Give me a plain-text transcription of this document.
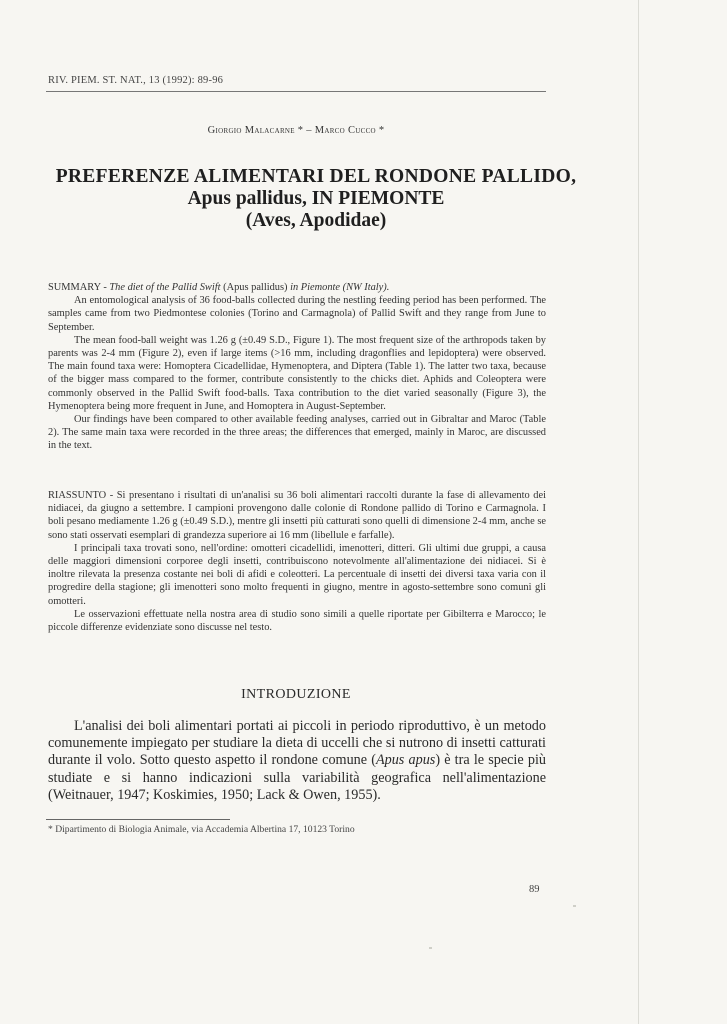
RIV. PIEM. ST. NAT., 13 (1992): 89-96
Giorgio Malacarne * – Marco Cucco *
PREFERENZE ALIMENTARI DEL RONDONE PALLIDO,
Apus pallidus, IN PIEMONTE
(Aves, Apodidae)

SUMMARY - The diet of the Pallid Swift (Apus pallidus) in Piemonte (NW Italy).

An entomological analysis of 36 food-balls collected during the nestling feeding period has been performed. The samples came from two Piedmontese colonies (Torino and Carmagnola) of Pallid Swift and they range from June to September.

The mean food-ball weight was 1.26 g (±0.49 S.D., Figure 1). The most frequent size of the arthropods taken by parents was 2-4 mm (Figure 2), even if large items (>16 mm, including dragonflies and lepidoptera) were observed. The main found taxa were: Homoptera Cicadellidae, Hymenoptera, and Diptera (Table 1). The latter two taxa, because of the bigger mass compared to the former, contribute consistently to the chicks diet. Aphids and Coleoptera were commonly observed in the Pallid Swift food-balls. Taxa contribution to the diet varied seasonally (Figure 3), the Hymenoptera being more frequent in June, and Homoptera in August-September.

Our findings have been compared to other available feeding analyses, carried out in Gibraltar and Maroc (Table 2). The same main taxa were recorded in the three areas; the differences that emerged, mainly in Maroc, are discussed in the text.

RIASSUNTO - Si presentano i risultati di un'analisi su 36 boli alimentari raccolti durante la fase di allevamento dei nidiacei, da giugno a settembre. I campioni provengono dalle colonie di Rondone pallido di Torino e Carmagnola. I boli pesano mediamente 1.26 g (±0.49 S.D.), mentre gli insetti più catturati sono quelli di dimensione 2-4 mm, anche se sono stati osservati esemplari di grandezza superiore ai 16 mm (libellule e farfalle).

I principali taxa trovati sono, nell'ordine: omotteri cicadellidi, imenotteri, ditteri. Gli ultimi due gruppi, a causa delle maggiori dimensioni corporee degli insetti, contribuiscono notevolmente all'alimentazione dei nidiacei. Si è inoltre rilevata la presenza costante nei boli di afidi e coleotteri. La percentuale di insetti dei diversi taxa varia con il progredire della stagione; gli imenotteri sono molto frequenti in giugno, mentre in agosto-settembre sono comuni gli omotteri.

Le osservazioni effettuate nella nostra area di studio sono simili a quelle riportate per Gibilterra e Marocco; le piccole differenze evidenziate sono discusse nel testo.

INTRODUZIONE

L'analisi dei boli alimentari portati ai piccoli in periodo riproduttivo, è un metodo comunemente impiegato per studiare la dieta di uccelli che si nutrono di insetti catturati durante il volo. Sotto questo aspetto il rondone comune (Apus apus) è tra le specie più studiate e si hanno indicazioni sulla variabilità geografica nell'alimentazione (Weitnauer, 1947; Koskimies, 1950; Lack & Owen, 1955).

* Dipartimento di Biologia Animale, via Accademia Albertina 17, 10123 Torino
89
